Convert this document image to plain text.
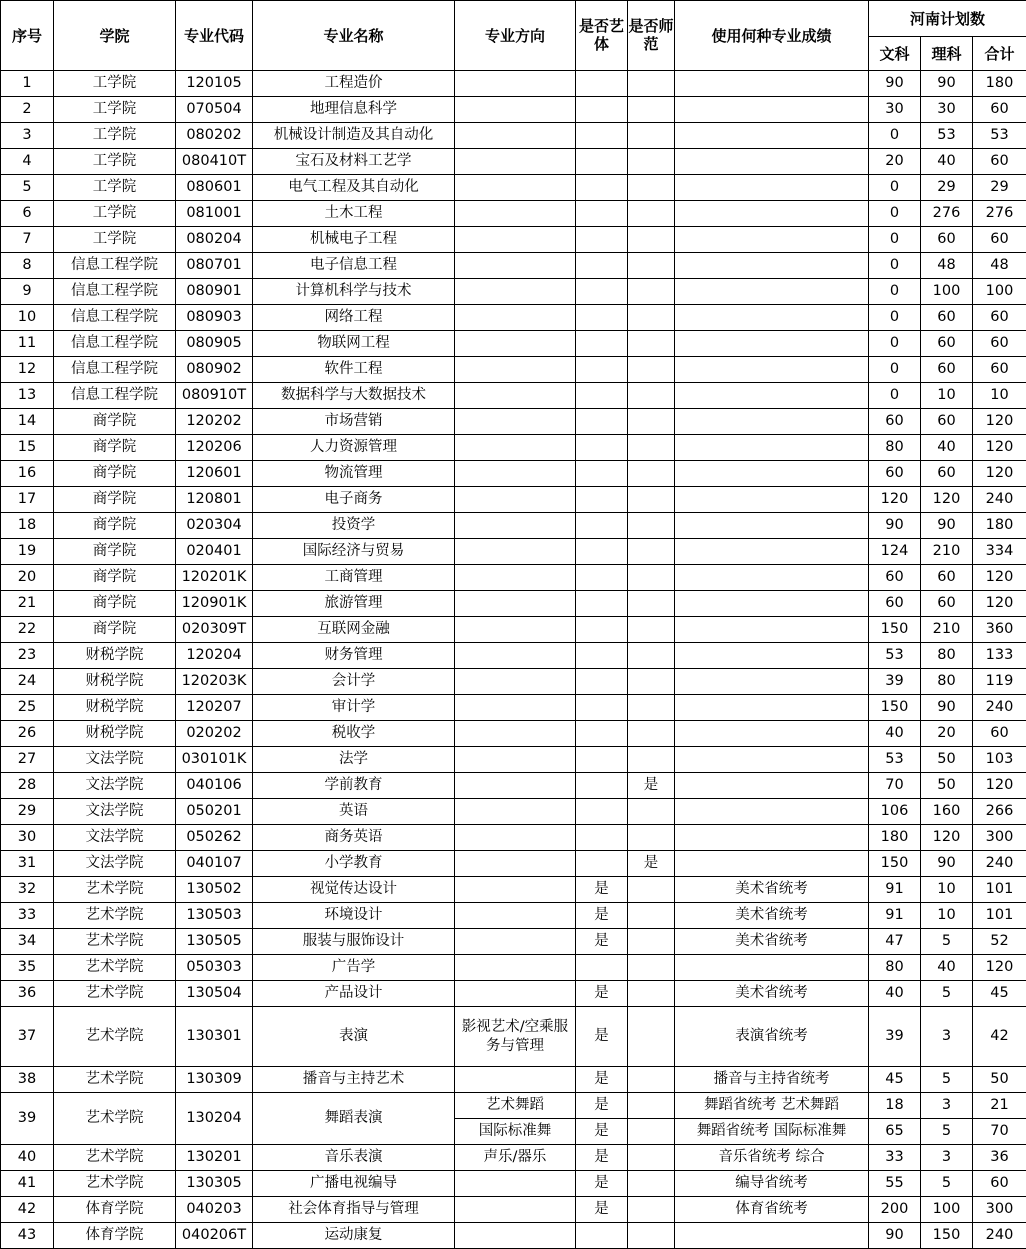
序号	学院	专业代码	专业名称	专业方向	是否艺体	是否师范	使用何种专业成绩	河南计划数		
								文科	理科	合计
1	工学院	120105	工程造价					90	90	180
2	工学院	070504	地理信息科学					30	30	60
3	工学院	080202	机械设计制造及其自动化					0	53	53
4	工学院	080410T	宝石及材料工艺学					20	40	60
5	工学院	080601	电气工程及其自动化					0	29	29
6	工学院	081001	土木工程					0	276	276
7	工学院	080204	机械电子工程					0	60	60
8	信息工程学院	080701	电子信息工程					0	48	48
9	信息工程学院	080901	计算机科学与技术					0	100	100
10	信息工程学院	080903	网络工程					0	60	60
11	信息工程学院	080905	物联网工程					0	60	60
12	信息工程学院	080902	软件工程					0	60	60
13	信息工程学院	080910T	数据科学与大数据技术					0	10	10
14	商学院	120202	市场营销					60	60	120
15	商学院	120206	人力资源管理					80	40	120
16	商学院	120601	物流管理					60	60	120
17	商学院	120801	电子商务					120	120	240
18	商学院	020304	投资学					90	90	180
19	商学院	020401	国际经济与贸易					124	210	334
20	商学院	120201K	工商管理					60	60	120
21	商学院	120901K	旅游管理					60	60	120
22	商学院	020309T	互联网金融					150	210	360
23	财税学院	120204	财务管理					53	80	133
24	财税学院	120203K	会计学					39	80	119
25	财税学院	120207	审计学					150	90	240
26	财税学院	020202	税收学					40	20	60
27	文法学院	030101K	法学					53	50	103
28	文法学院	040106	学前教育			是		70	50	120
29	文法学院	050201	英语					106	160	266
30	文法学院	050262	商务英语					180	120	300
31	文法学院	040107	小学教育			是		150	90	240
32	艺术学院	130502	视觉传达设计		是		美术省统考	91	10	101
33	艺术学院	130503	环境设计		是		美术省统考	91	10	101
34	艺术学院	130505	服装与服饰设计		是		美术省统考	47	5	52
35	艺术学院	050303	广告学					80	40	120
36	艺术学院	130504	产品设计		是		美术省统考	40	5	45
37	艺术学院	130301	表演	影视艺术/空乘服务与管理	是		表演省统考	39	3	42
38	艺术学院	130309	播音与主持艺术		是		播音与主持省统考	45	5	50
39	艺术学院	130204	舞蹈表演	艺术舞蹈	是		舞蹈省统考 艺术舞蹈	18	3	21
				国际标准舞	是		舞蹈省统考 国际标准舞	65	5	70
40	艺术学院	130201	音乐表演	声乐/器乐	是		音乐省统考 综合	33	3	36
41	艺术学院	130305	广播电视编导		是		编导省统考	55	5	60
42	体育学院	040203	社会体育指导与管理		是		体育省统考	200	100	300
43	体育学院	040206T	运动康复					90	150	240
